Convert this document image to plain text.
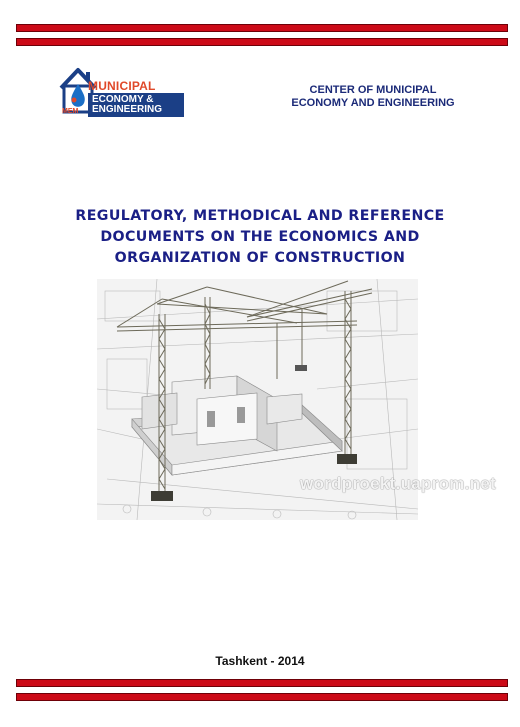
MEM
MUNICIPAL
ECONOMY &
ENGINEERING
CENTER OF MUNICIPAL
ECONOMY AND ENGINEERING
REGULATORY, METHODICAL AND REFERENCE
DOCUMENTS ON THE ECONOMICS AND
ORGANIZATION OF CONSTRUCTION
wordproekt.uaprom.net
Tashkent - 2014
